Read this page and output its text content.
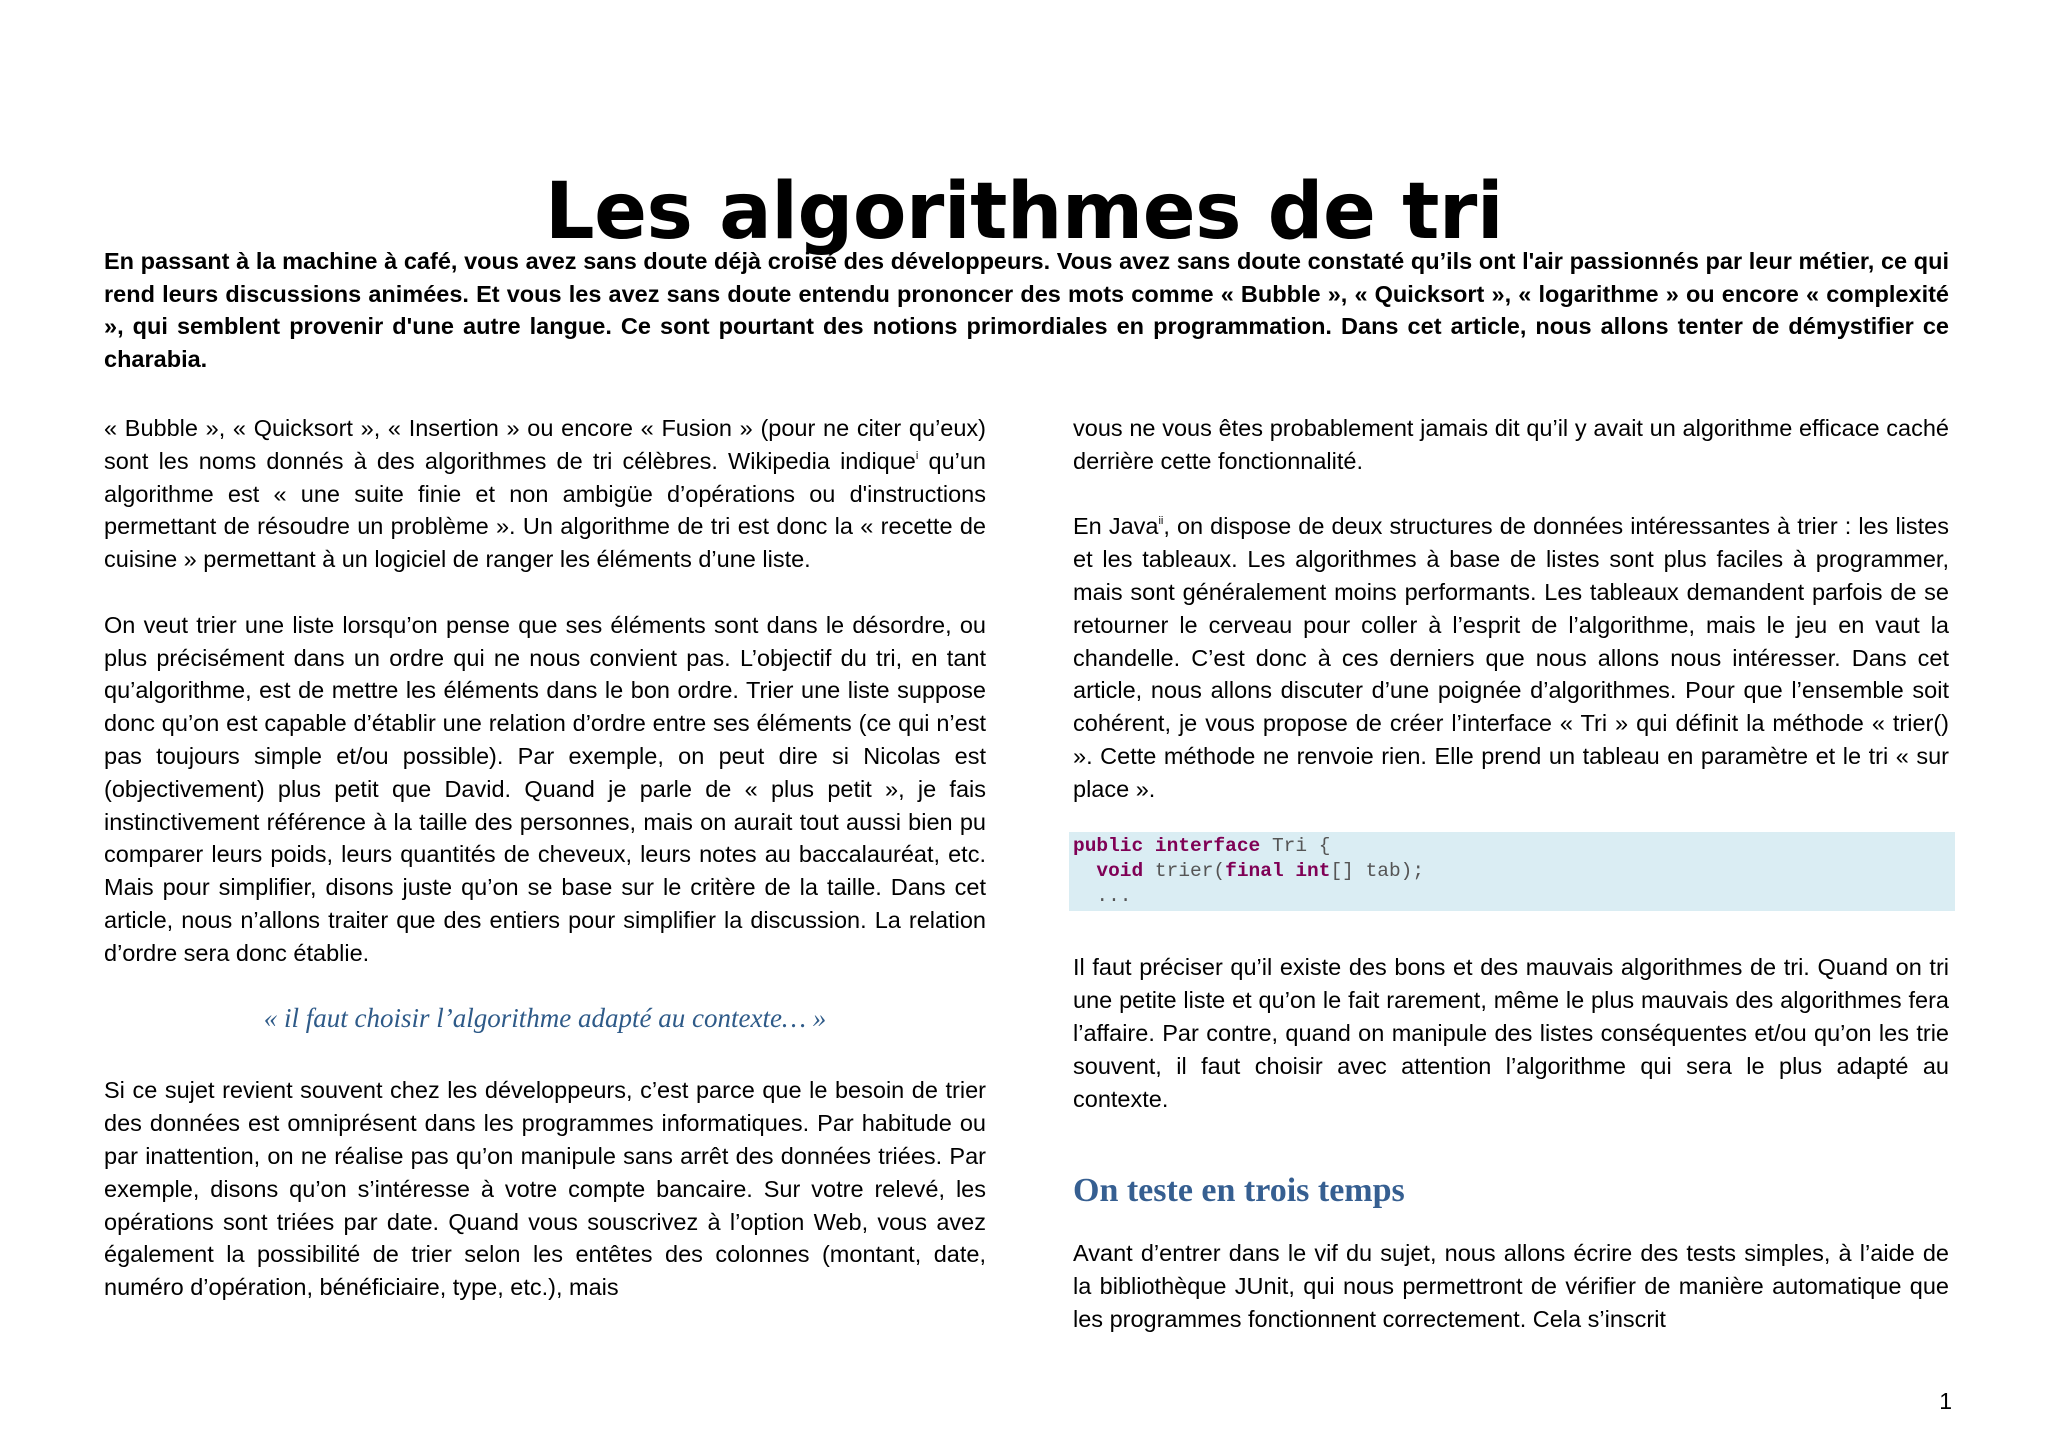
Les algorithmes de tri

En passant à la machine à café, vous avez sans doute déjà croisé des développeurs. Vous avez sans doute constaté qu’ils ont l'air passionnés par leur métier, ce qui rend leurs discussions animées. Et vous les avez sans doute entendu prononcer des mots comme « Bubble », « Quicksort », « logarithme » ou encore « complexité », qui semblent provenir d'une autre langue. Ce sont pourtant des notions primordiales en programmation. Dans cet article, nous allons tenter de démystifier ce charabia.

« Bubble », « Quicksort », « Insertion » ou encore « Fusion » (pour ne citer qu’eux) sont les noms donnés à des algorithmes de tri célèbres. Wikipedia indique$^i$ qu’un algorithme est « une suite finie et non ambigüe d’opérations ou d'instructions permettant de résoudre un problème ». Un algorithme de tri est donc la « recette de cuisine » permettant à un logiciel de ranger les éléments d’une liste.

On veut trier une liste lorsqu’on pense que ses éléments sont dans le désordre, ou plus précisément dans un ordre qui ne nous convient pas. L’objectif du tri, en tant qu’algorithme, est de mettre les éléments dans le bon ordre. Trier une liste suppose donc qu’on est capable d’établir une relation d’ordre entre ses éléments (ce qui n’est pas toujours simple et/ou possible). Par exemple, on peut dire si Nicolas est (objectivement) plus petit que David. Quand je parle de « plus petit », je fais instinctivement référence à la taille des personnes, mais on aurait tout aussi bien pu comparer leurs poids, leurs quantités de cheveux, leurs notes au baccalauréat, etc. Mais pour simplifier, disons juste qu’on se base sur le critère de la taille. Dans cet article, nous n’allons traiter que des entiers pour simplifier la discussion. La relation d’ordre sera donc établie.

« il faut choisir l’algorithme adapté au contexte… »

Si ce sujet revient souvent chez les développeurs, c’est parce que le besoin de trier des données est omniprésent dans les programmes informatiques. Par habitude ou par inattention, on ne réalise pas qu’on manipule sans arrêt des données triées. Par exemple, disons qu’on s’intéresse à votre compte bancaire. Sur votre relevé, les opérations sont triées par date. Quand vous souscrivez à l’option Web, vous avez également la possibilité de trier selon les entêtes des colonnes (montant, date, numéro d’opération, bénéficiaire, type, etc.), mais

vous ne vous êtes probablement jamais dit qu’il y avait un algorithme efficace caché derrière cette fonctionnalité.

En Java$^{ii}$, on dispose de deux structures de données intéressantes à trier : les listes et les tableaux. Les algorithmes à base de listes sont plus faciles à programmer, mais sont généralement moins performants. Les tableaux demandent parfois de se retourner le cerveau pour coller à l’esprit de l’algorithme, mais le jeu en vaut la chandelle. C’est donc à ces derniers que nous allons nous intéresser. Dans cet article, nous allons discuter d’une poignée d’algorithmes. Pour que l’ensemble soit cohérent, je vous propose de créer l’interface « Tri » qui définit la méthode « trier() ». Cette méthode ne renvoie rien. Elle prend un tableau en paramètre et le tri « sur place ».

public interface Tri {
void trier(final int[] tab);
...

Il faut préciser qu’il existe des bons et des mauvais algorithmes de tri. Quand on tri une petite liste et qu’on le fait rarement, même le plus mauvais des algorithmes fera l’affaire. Par contre, quand on manipule des listes conséquentes et/ou qu’on les trie souvent, il faut choisir avec attention l’algorithme qui sera le plus adapté au contexte.

On teste en trois temps

Avant d’entrer dans le vif du sujet, nous allons écrire des tests simples, à l’aide de la bibliothèque JUnit, qui nous permettront de vérifier de manière automatique que les programmes fonctionnent correctement. Cela s’inscrit

1
